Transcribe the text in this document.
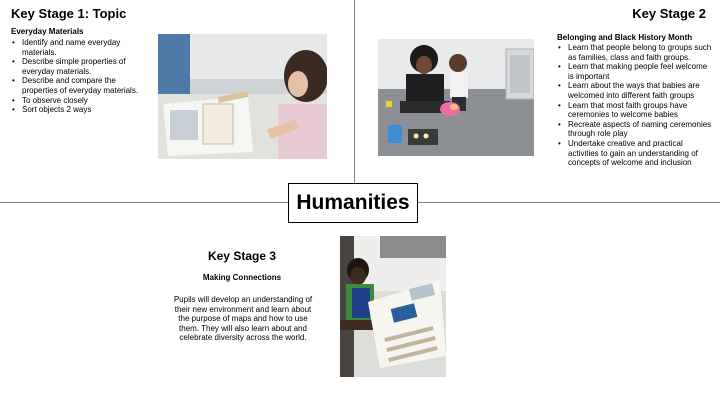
Key Stage 1: Topic
Everyday Materials
• Identify and name everyday materials.
• Describe simple properties of everyday materials.
• Describe and compare the properties of everyday materials.
• To observe closely
• Sort objects 2 ways
Key Stage 2
Belonging and Black History Month
• Learn that people belong to groups such as families, class and faith groups.
• Learn that making people feel welcome is important
• Learn about the ways that babies are welcomed into different faith groups
• Learn that most faith groups have ceremonies to welcome babies
• Recreate aspects of naming ceremonies through role play
• Undertake creative and practical activities to gain an understanding of concepts of welcome and inclusion
Humanities
Key Stage 3
Making Connections

Pupils will develop an understanding of their new environment and learn about the purpose of maps and how to use them. They will also learn about and celebrate diversity across the world.
